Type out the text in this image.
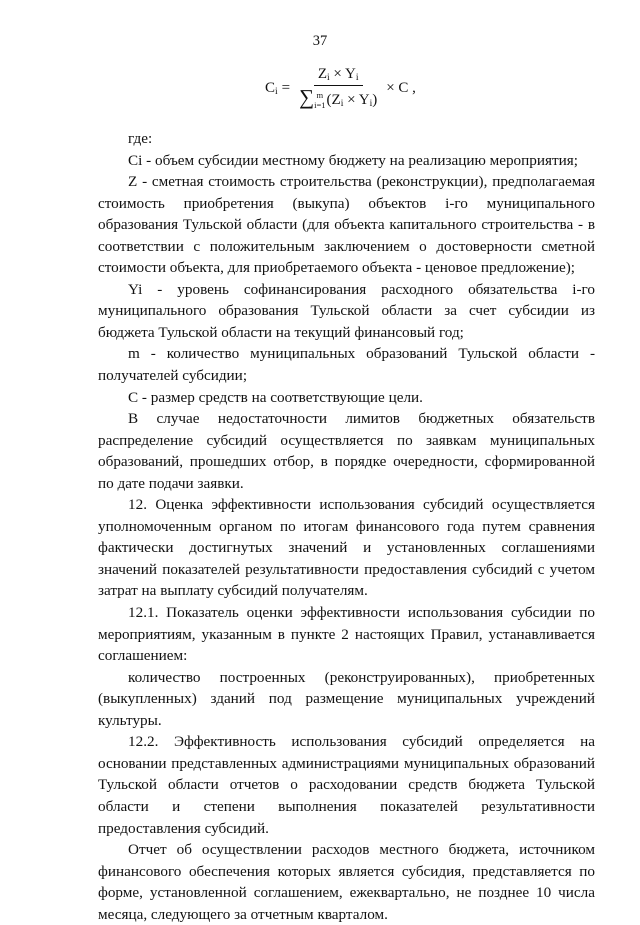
37
$C_i = Z_i \times Y_i$
∑ m
i=1 $(Z_i \times Y_i) \times C$ ,

где:

Ci - объем субсидии местному бюджету на реализацию мероприятия;

Z - сметная стоимость строительства (реконструкции), предполагаемая стоимость приобретения (выкупа) объектов i-го муниципального образования Тульской области (для объекта капитального строительства - в соответствии с положительным заключением о достоверности сметной стоимости объекта, для приобретаемого объекта - ценовое предложение);

Yi - уровень софинансирования расходного обязательства i-го муниципального образования Тульской области за счет субсидии из бюджета Тульской области на текущий финансовый год;

m - количество муниципальных образований Тульской области - получателей субсидии;

C - размер средств на соответствующие цели.

В случае недостаточности лимитов бюджетных обязательств распределение субсидий осуществляется по заявкам муниципальных образований, прошедших отбор, в порядке очередности, сформированной по дате подачи заявки.

12. Оценка эффективности использования субсидий осуществляется уполномоченным органом по итогам финансового года путем сравнения фактически достигнутых значений и установленных соглашениями значений показателей результативности предоставления субсидий с учетом затрат на выплату субсидий получателям.

12.1. Показатель оценки эффективности использования субсидии по мероприятиям, указанным в пункте 2 настоящих Правил, устанавливается соглашением:

количество построенных (реконструированных), приобретенных (выкупленных) зданий под размещение муниципальных учреждений культуры.

12.2. Эффективность использования субсидий определяется на основании представленных администрациями муниципальных образований Тульской области отчетов о расходовании средств бюджета Тульской области и степени выполнения показателей результативности предоставления субсидий.

Отчет об осуществлении расходов местного бюджета, источником финансового обеспечения которых является субсидия, представляется по форме, установленной соглашением, ежеквартально, не позднее 10 числа месяца, следующего за отчетным кварталом.
